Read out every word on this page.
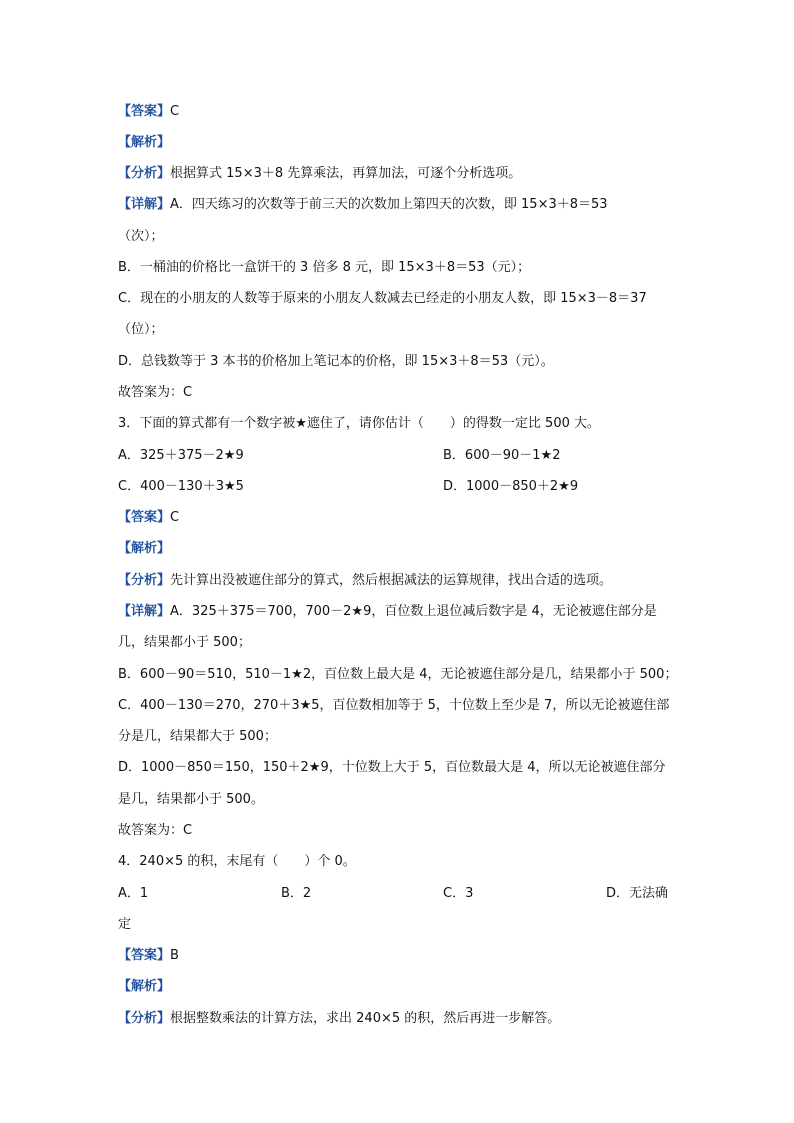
【答案】C
【解析】
【分析】根据算式 15×3＋8 先算乘法，再算加法，可逐个分析选项。
【详解】A．四天练习的次数等于前三天的次数加上第四天的次数，即 15×3＋8＝53
（次）；
B．一桶油的价格比一盒饼干的 3 倍多 8 元，即 15×3＋8＝53（元）；
C．现在的小朋友的人数等于原来的小朋友人数减去已经走的小朋友人数，即 15×3－8＝37
（位）；
D．总钱数等于 3 本书的价格加上笔记本的价格，即 15×3＋8＝53（元）。
故答案为：C
3．下面的算式都有一个数字被★遮住了，请你估计（　　）的得数一定比 500 大。
A．325＋375－2★9	B．600－90－1★2
C．400－130＋3★5	D．1000－850＋2★9
【答案】C
【解析】
【分析】先计算出没被遮住部分的算式，然后根据减法的运算规律，找出合适的选项。
【详解】A．325＋375＝700，700－2★9，百位数上退位减后数字是 4，无论被遮住部分是
几，结果都小于 500；
B．600－90＝510，510－1★2，百位数上最大是 4，无论被遮住部分是几，结果都小于 500；
C．400－130＝270，270＋3★5，百位数相加等于 5，十位数上至少是 7，所以无论被遮住部
分是几，结果都大于 500；
D．1000－850＝150，150＋2★9，十位数上大于 5，百位数最大是 4，所以无论被遮住部分
是几，结果都小于 500。
故答案为：C
4．240×5 的积，末尾有（　　）个 0。
A．1	B．2	C．3	D．无法确
定
【答案】B
【解析】
【分析】根据整数乘法的计算方法，求出 240×5 的积，然后再进一步解答。
